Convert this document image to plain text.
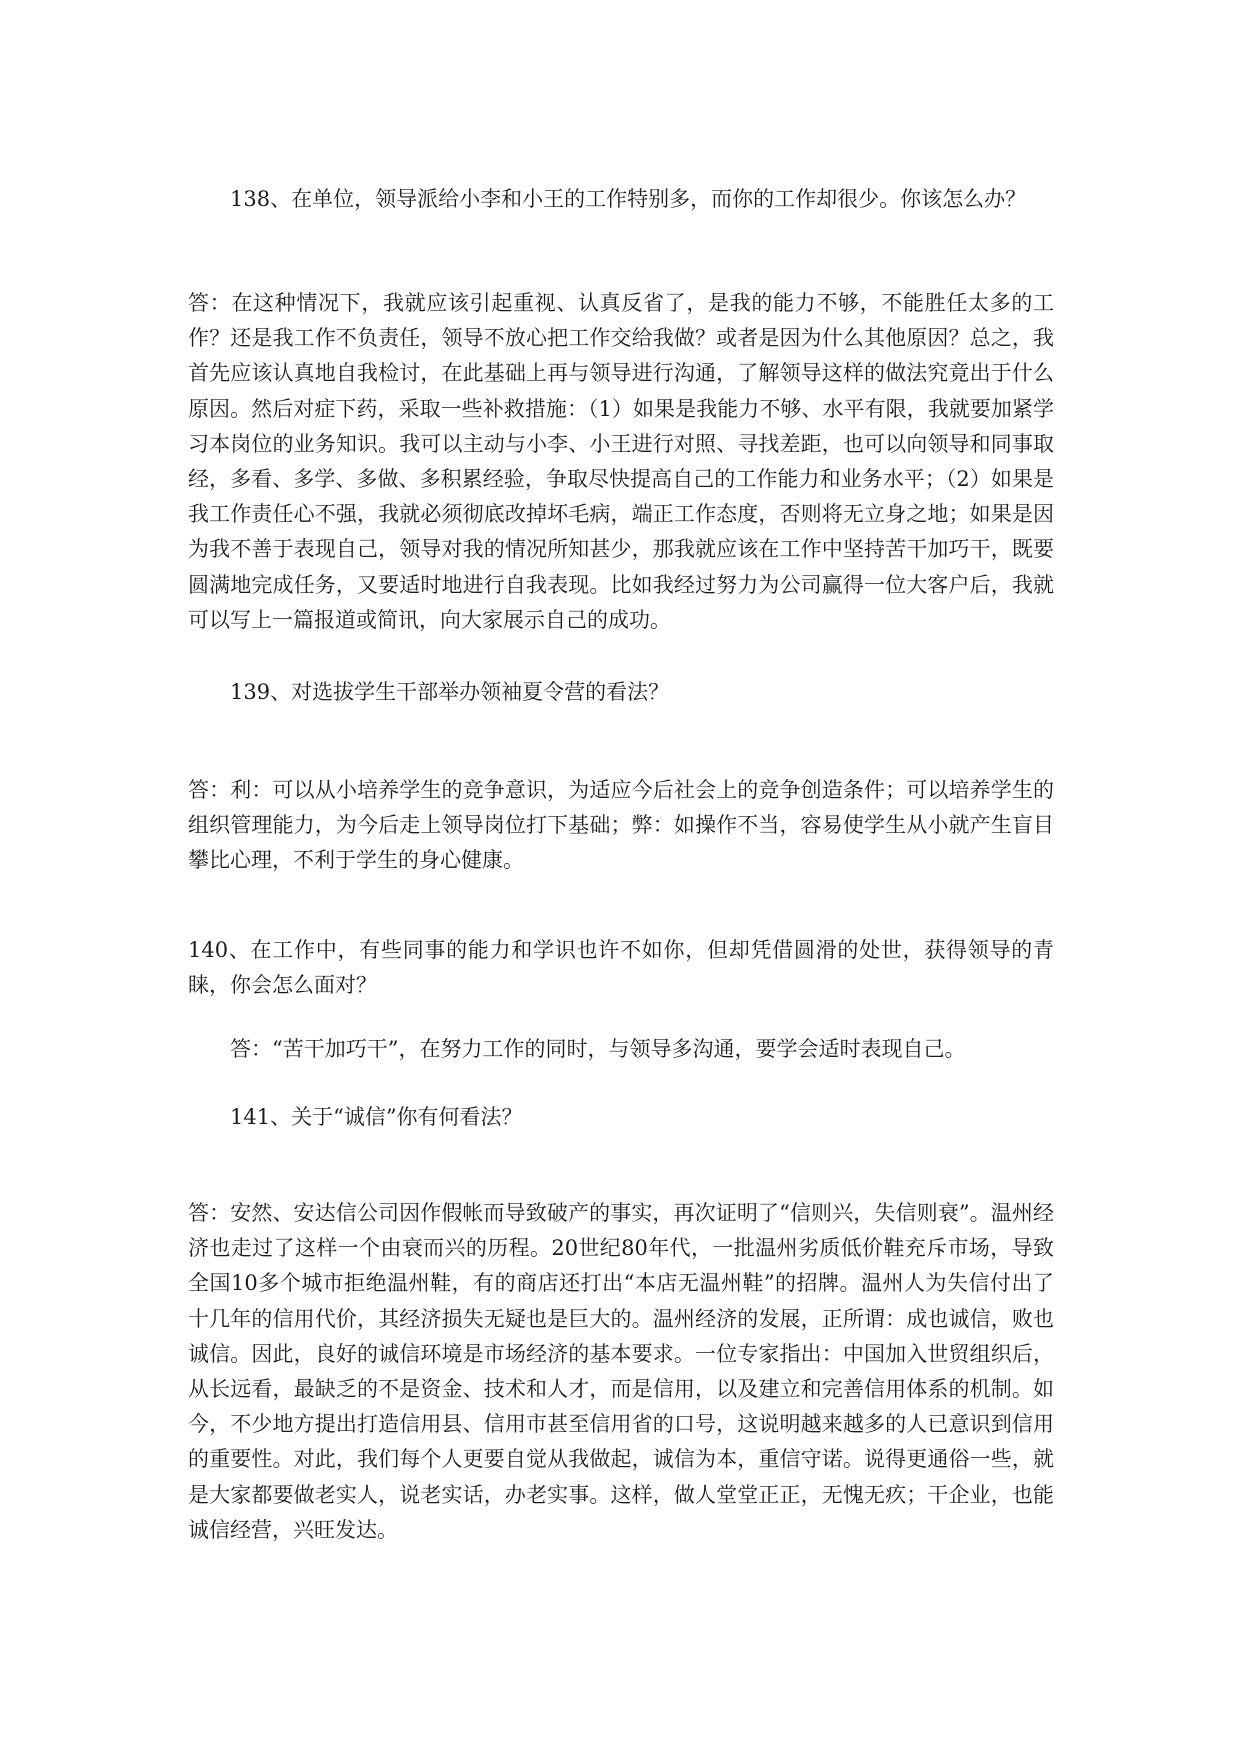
138、在单位，领导派给小李和小王的工作特别多，而你的工作却很少。你该怎么办？

答：在这种情况下，我就应该引起重视、认真反省了，是我的能力不够，不能胜任太多的工作？还是我工作不负责任，领导不放心把工作交给我做？或者是因为什么其他原因？总之，我首先应该认真地自我检讨，在此基础上再与领导进行沟通，了解领导这样的做法究竟出于什么原因。然后对症下药，采取一些补救措施：（1）如果是我能力不够、水平有限，我就要加紧学习本岗位的业务知识。我可以主动与小李、小王进行对照、寻找差距，也可以向领导和同事取经，多看、多学、多做、多积累经验，争取尽快提高自己的工作能力和业务水平；（2）如果是我工作责任心不强，我就必须彻底改掉坏毛病，端正工作态度，否则将无立身之地；如果是因为我不善于表现自己，领导对我的情况所知甚少，那我就应该在工作中坚持苦干加巧干，既要圆满地完成任务，又要适时地进行自我表现。比如我经过努力为公司赢得一位大客户后，我就可以写上一篇报道或简讯，向大家展示自己的成功。

139、对选拔学生干部举办领袖夏令营的看法？

答：利：可以从小培养学生的竞争意识，为适应今后社会上的竞争创造条件；可以培养学生的组织管理能力，为今后走上领导岗位打下基础；弊：如操作不当，容易使学生从小就产生盲目攀比心理，不利于学生的身心健康。

140、在工作中，有些同事的能力和学识也许不如你，但却凭借圆滑的处世，获得领导的青睐，你会怎么面对？

答：“苦干加巧干”，在努力工作的同时，与领导多沟通，要学会适时表现自己。

141、关于“诚信”你有何看法？

答：安然、安达信公司因作假帐而导致破产的事实，再次证明了“信则兴，失信则衰”。温州经济也走过了这样一个由衰而兴的历程。20世纪80年代，一批温州劣质低价鞋充斥市场，导致全国10多个城市拒绝温州鞋，有的商店还打出“本店无温州鞋”的招牌。温州人为失信付出了十几年的信用代价，其经济损失无疑也是巨大的。温州经济的发展，正所谓：成也诚信，败也诚信。因此，良好的诚信环境是市场经济的基本要求。一位专家指出：中国加入世贸组织后，从长远看，最缺乏的不是资金、技术和人才，而是信用，以及建立和完善信用体系的机制。如今，不少地方提出打造信用县、信用市甚至信用省的口号，这说明越来越多的人已意识到信用的重要性。对此，我们每个人更要自觉从我做起，诚信为本，重信守诺。说得更通俗一些，就是大家都要做老实人，说老实话，办老实事。这样，做人堂堂正正，无愧无疚；干企业，也能诚信经营，兴旺发达。
